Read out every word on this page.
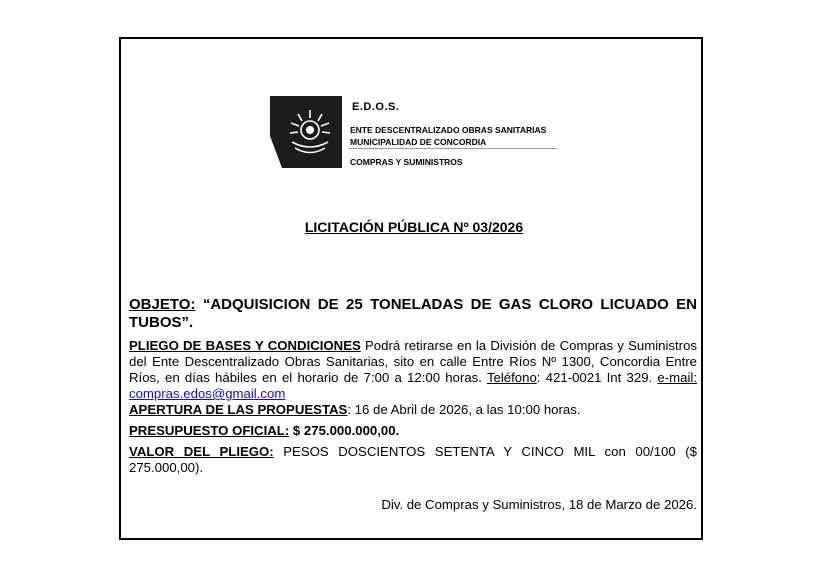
E.D.O.S.
ENTE DESCENTRALIZADO OBRAS SANITARIAS
MUNICIPALIDAD DE CONCORDIA
COMPRAS Y SUMINISTROS
LICITACIÓN PÚBLICA Nº 03/2026
OBJETO: “ADQUISICION DE 25 TONELADAS DE GAS CLORO LICUADO EN TUBOS”.
PLIEGO DE BASES Y CONDICIONES Podrá retirarse en la División de Compras y Suministros del Ente Descentralizado Obras Sanitarias, sito en calle Entre Ríos Nº 1300, Concordia Entre Ríos, en días hábiles en el horario de 7:00 a 12:00 horas. Teléfono: 421-0021 Int 329. e-mail: compras.edos@gmail.com
APERTURA DE LAS PROPUESTAS: 16 de Abril de 2026, a las 10:00 horas.
PRESUPUESTO OFICIAL: $ 275.000.000,00.
VALOR DEL PLIEGO: PESOS DOSCIENTOS SETENTA Y CINCO MIL con 00/100 ($ 275.000,00).
Div. de Compras y Suministros, 18 de Marzo de 2026.
